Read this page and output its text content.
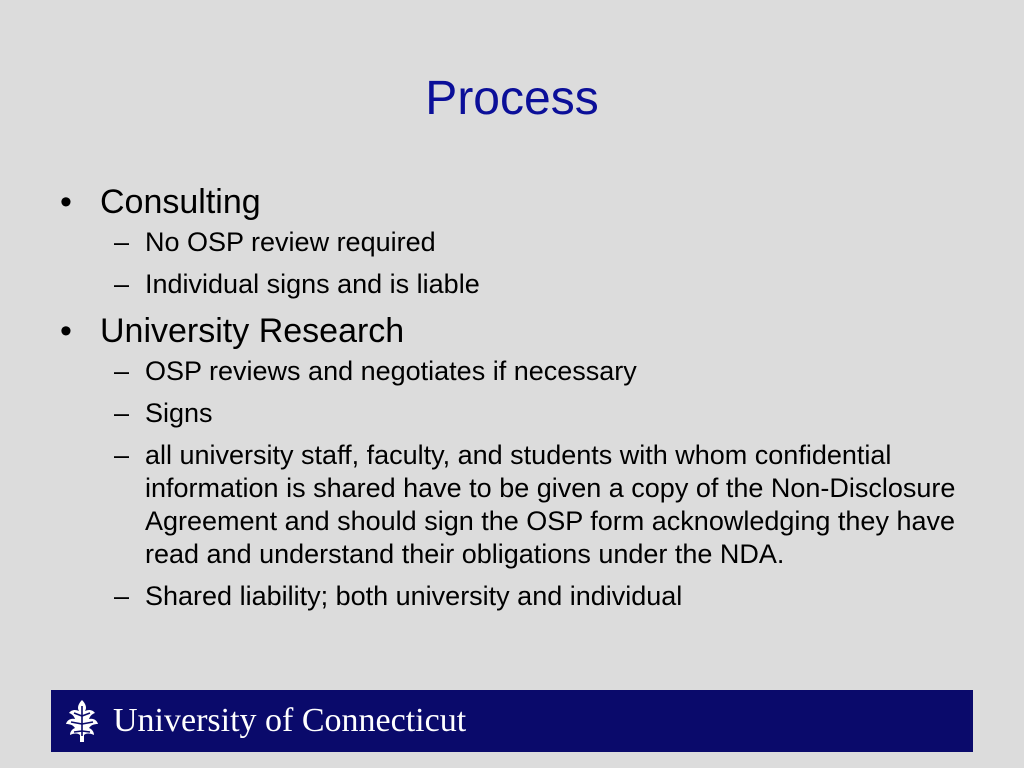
Process
• Consulting
– No OSP review required
– Individual signs and is liable
• University Research
– OSP reviews and negotiates if necessary
– Signs
– all university staff, faculty, and students with whom confidential information is shared have to be given a copy of the Non-Disclosure Agreement and should sign the OSP form acknowledging they have read and understand their obligations under the NDA.
– Shared liability; both university and individual
University of Connecticut
